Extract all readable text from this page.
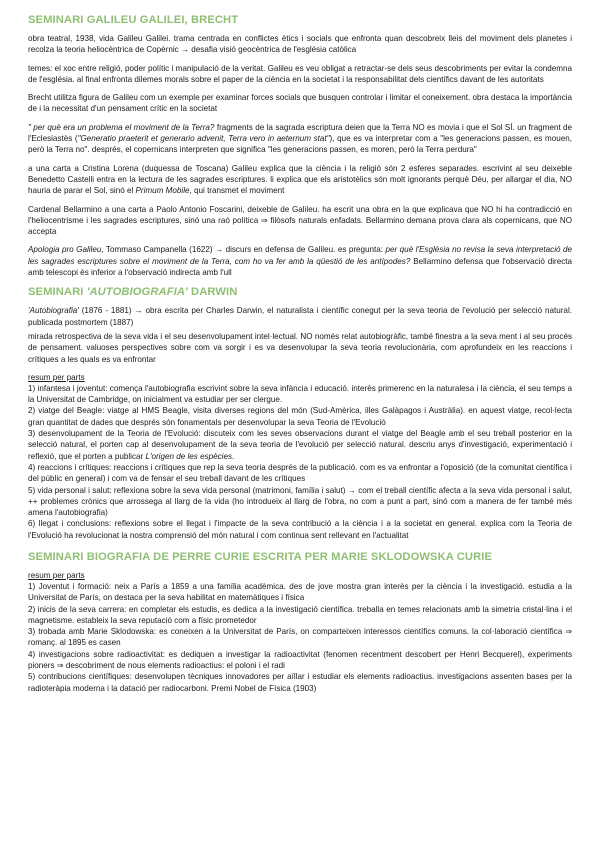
SEMINARI GALILEU GALILEI, BRECHT

obra teatral, 1938, vida Galileu Galilei. trama centrada en conflictes ètics i socials que enfronta quan descobreix lleis del moviment dels planetes i recolza la teoria heliocèntrica de Copèrnic → desafia visió geocèntrica de l'església catòlica

temes: el xoc entre religió, poder polític i manipulació de la veritat. Galileu es veu obligat a retractar-se dels seus descobriments per evitar la condemna de l'església. al final enfronta dilemes morals sobre el paper de la ciència en la societat i la responsabilitat dels científics davant de les autoritats

Brecht utilitza figura de Galileu com un exemple per examinar forces socials que busquen controlar i limitar el coneixement. obra destaca la importància de i la necessitat d'un pensament crític en la societat

" per què era un problema el moviment de la Terra? fragments de la sagrada escriptura deien que la Terra NO es movia i que el Sol SÍ. un fragment de l'Eclesiastès ("Generatio praeterit et generario advenit, Terra vero in aeternum stat"), que es va interpretar com a "les generacions passen, es mouen, però la Terra no". després, el copernicans interpreten que significa "les generacions passen, es moren, però la Terra perdura"

a una carta a Cristina Lorena (duquessa de Toscana) Galileu explica que la ciència i la religió són 2 esferes separades. escrivint al seu deixeble Benedetto Castelli entra en la lectura de les sagrades escriptures. li explica que els aristotèlics són molt ignorants perquè Déu, per allargar el dia, NO hauria de parar el Sol, sinó el Primum Mobile, qui transmet el moviment

Cardenal Bellarmino a una carta a Paolo Antonio Foscarini, deixeble de Galileu. ha escrit una obra en la que explicava que NO hi ha contradicció en l'heliocentrisme i les sagrades escriptures, sinó una raó política ⇒ filòsofs naturals enfadats. Bellarmino demana prova clara als copernicans, que NO accepta

Apologia pro Galileu, Tommaso Campanella (1622) → discurs en defensa de Galileu. es pregunta: per què l'Església no revisa la seva interpretació de les sagrades escriptures sobre el moviment de la Terra, com ho va fer amb la qüestió de les antípodes? Bellarmino defensa que l'observació directa amb telescopi és inferior a l'observació indirecta amb l'ull

SEMINARI 'AUTOBIOGRAFIA' DARWIN

'Autobiografia' (1876 - 1881) → obra escrita per Charles Darwin, el naturalista i científic conegut per la seva teoria de l'evolució per selecció natural. publicada postmortem (1887)

mirada retrospectiva de la seva vida i el seu desenvolupament intel·lectual. NO només relat autobiogràfic, també finestra a la seva ment i al seu procés de pensament. valuoses perspectives sobre com va sorgir i es va desenvolupar la seva teoria revolucionària, com aprofundeix en les reaccions i crítiques a les quals es va enfrontar

resum per parts
1) infantesa i joventut: comença l'autobiografia escrivint sobre la seva infància i educació. interès primerenc en la naturalesa i la ciència, el seu temps a la Universitat de Cambridge, on inicialment va estudiar per ser clergue.
2) viatge del Beagle: viatge al HMS Beagle, visita diverses regions del món (Sud-Amèrica, illes Galàpagos i Austràlia). en aquest viatge, recol·lecta gran quantitat de dades que després són fonamentals per desenvolupar la seva Teoria de l'Evolució
3) desenvolupament de la Teoria de l'Evolució: discuteix com les seves observacions durant el viatge del Beagle amb el seu treball posterior en la selecció natural, el porten cap al desenvolupament de la seva teoria de l'evolució per selecció natural. descriu anys d'investigació, experimentació i reflexió, que el porten a publicar L'origen de les espècies.
4) reaccions i crítiques: reaccions i crítiques que rep la seva teoria després de la publicació. com es va enfrontar a l'oposició (de la comunitat científica i del públic en general) i com va de fensar el seu treball davant de les crítiques
5) vida personal i salut: reflexiona sobre la seva vida personal (matrimoni, família i salut) → com el treball científic afecta a la seva vida personal i salut, ++ problemes crònics que arrossega al llarg de la vida (ho introdueix al llarg de l'obra, no com a punt a part, sinó com a manera de fer també més amena l'autobiografia)
6) llegat i conclusions: reflexions sobre el llegat i l'impacte de la seva contribució a la ciència i a la societat en general. explica com la Teoria de l'Evolució ha revolucionat la nostra comprensió del món natural i com continua sent rellevant en l'actualitat
SEMINARI BIOGRAFIA DE PERRE CURIE ESCRITA PER MARIE SKLODOWSKA CURIE
resum per parts
1) Joventut i formació: neix a París a 1859 a una família acadèmica. des de jove mostra gran interès per la ciència i la investigació. estudia a la Universitat de París, on destaca per la seva habilitat en matemàtiques i física
2) inicis de la seva carrera: en completar els estudis, es dedica a la investigació científica. treballa en temes relacionats amb la simetria cristal·lina i el magnetisme. estableix la seva reputació com a físic prometedor
3) trobada amb Marie Sklodowska: es coneixen a la Universitat de París, on comparteixen interessos científics comuns. la col·laboració científica ⇒ romanç. al 1895 es casen
4) investigacions sobre radioactivitat: es dediquen a investigar la radioactivitat (fenomen recentment descobert per Henri Becquerel), experiments pioners ⇒ descobriment de nous elements radioactius: el poloni i el radi
5) contribucions científiques: desenvolupen tècniques innovadores per aïllar i estudiar els elements radioactius. investigacions assenten bases per la radioteràpia moderna i la datació per radiocarboni. Premi Nobel de Física (1903)
